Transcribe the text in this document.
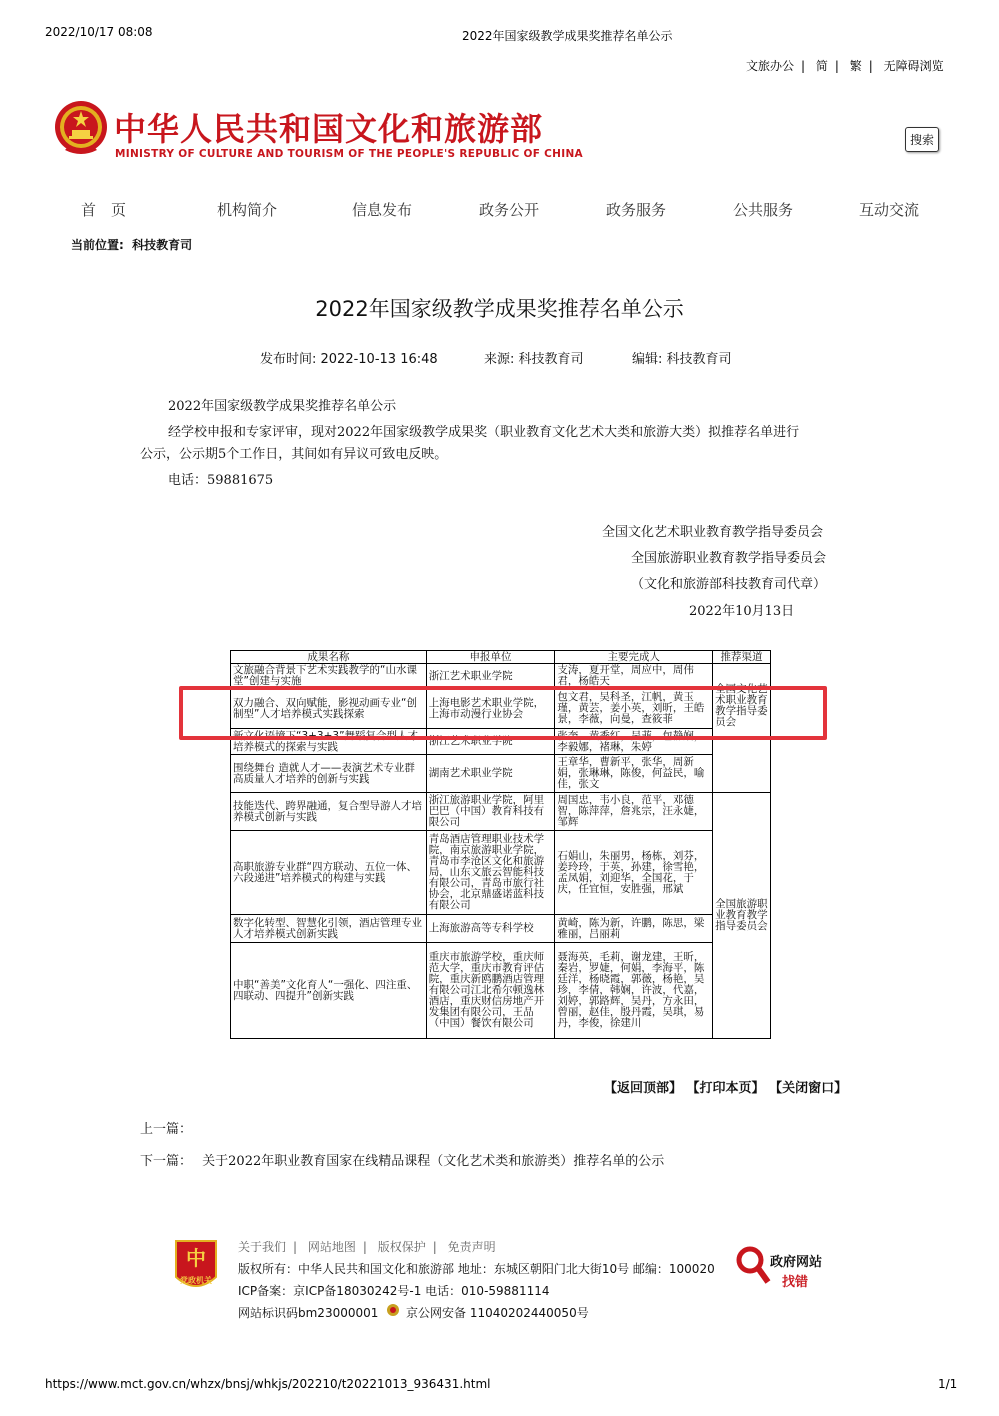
2022/10/17 08:08	2022年国家级教学成果奖推荐名单公示
文旅办公 | 简 | 繁 | 无障碍浏览
中华人民共和国文化和旅游部
MINISTRY OF CULTURE AND TOURISM OF THE PEOPLE'S REPUBLIC OF CHINA
搜索
首　页	机构简介	信息发布	政务公开	政务服务	公共服务	互动交流
当前位置: 科技教育司
2022年国家级教学成果奖推荐名单公示
发布时间: 2022-10-13 16:48	来源: 科技教育司	编辑: 科技教育司
2022年国家级教学成果奖推荐名单公示
经学校申报和专家评审，现对2022年国家级教学成果奖（职业教育文化艺术大类和旅游大类）拟推荐名单进行
公示，公示期5个工作日，其间如有异议可致电反映。
电话：59881675
全国文化艺术职业教育教学指导委员会
全国旅游职业教育教学指导委员会
（文化和旅游部科技教育司代章）
2022年10月13日
成果名称	申报单位	主要完成人	推荐渠道
文旅融合背景下艺术实践教学的“山水课堂”创建与实施	浙江艺术职业学院	支涛，夏开堂，周应中，周伟君，杨皓天	全国文化艺术职业教育教学指导委员会
双力融合、双向赋能，影视动画专业“创制型”人才培养模式实践探索	上海电影艺术职业学院，上海市动漫行业协会	包文君，吴科圣，江帆，黄玉瑾，黄芸，姜小英，刘昕，王皓景，李薇，向曼，查筱菲	
新文化语境下“3+3+3”舞蹈复合型人才培养模式的探索与实践	浙江艺术职业学院	张奎，黄秀红，吴菲，包静娴，李毅娜，褚琳，朱婷	
围绕舞台 造就人才——表演艺术专业群高质量人才培养的创新与实践	湖南艺术职业学院	王章华，曹新平，张华，周新娟，张琳琳，陈俊，何益民，喻佳，张文	
技能迭代、跨界融通，复合型导游人才培养模式创新与实践	浙江旅游职业学院，阿里巴巴（中国）教育科技有限公司	周国忠，韦小良，范平，邓德智，陈萍萍，詹兆宗，汪永婕，邹辉	全国旅游职业教育教学指导委员会
高职旅游专业群“四方联动、五位一体、六段递进”培养模式的构建与实践	青岛酒店管理职业技术学院，南京旅游职业学院，青岛市李沧区文化和旅游局，山东文旅云智能科技有限公司，青岛市旅行社协会，北京鼎盛诺蓝科技有限公司	石娟山，朱丽男，杨栋，刘芬，姜玲玲，于英，孙建，徐雪艳，孟凤娟，刘迎华，全国花，于庆，任宜恒，安胜强，邢斌	
数字化转型、智慧化引领，酒店管理专业人才培养模式创新实践	上海旅游高等专科学校	黄崎，陈为新，许鹏，陈思，梁雅丽，吕丽莉	
中职“善美”文化育人“一强化、四注重、四联动、四提升”创新实践	重庆市旅游学校，重庆师范大学，重庆市教育评估院，重庆新鸥鹏酒店管理有限公司江北希尔顿逸林酒店，重庆财信房地产开发集团有限公司，王品（中国）餐饮有限公司	聂海英，毛莉，谢龙建，王昕，秦岩，罗婕，何娟，李海平，陈廷洋，杨晓霞，郭薇，杨艳，吴珍，李倩，韩娴，许波，代嘉，刘婷，郭路辉，吴丹，方永田，曾丽，赵佳，殷丹霞，吴琪，易丹，李俊，徐建川	
【返回顶部】 【打印本页】 【关闭窗口】
上一篇：
下一篇： 关于2022年职业教育国家在线精品课程（文化艺术类和旅游类）推荐名单的公示
中
党政机关
关于我们 | 网站地图 | 版权保护 | 免责声明
版权所有：中华人民共和国文化和旅游部 地址：东城区朝阳门北大街10号 邮编：100020
ICP备案：京ICP备18030242号-1 电话：010-59881114
网站标识码bm23000001 京公网安备 11040202440050号
政府网站
找错
https://www.mct.gov.cn/whzx/bnsj/whkjs/202210/t20221013_936431.html	1/1
